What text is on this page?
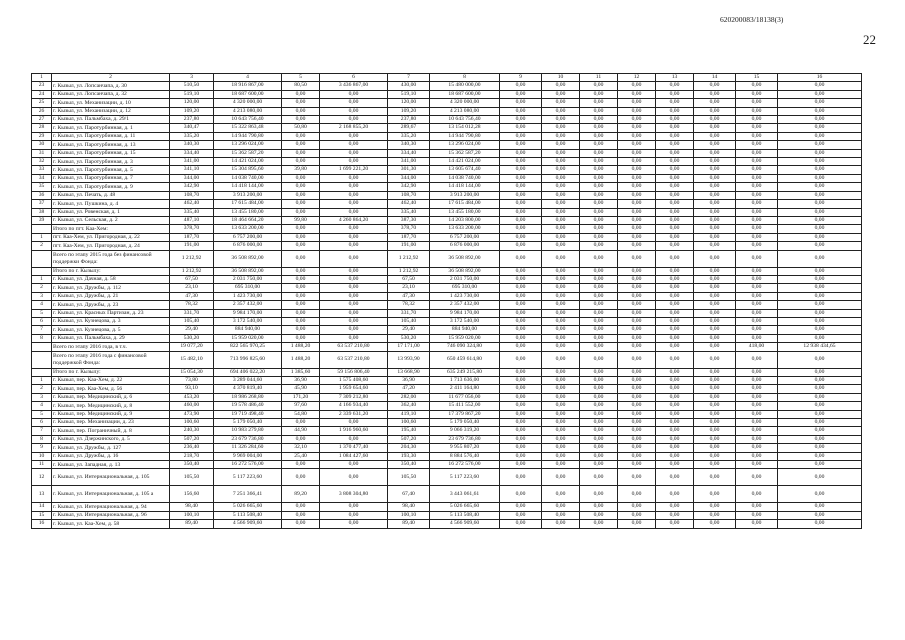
620200083/18138(3)
22
1	2	3	4	5	6	7	8	9	10	11	12	13	14	15	16
23	г. Кызыл, ул. Лопсанчапа, д. 30	510,50	18 916 867,00	80,50	3 436 867,00	430,00	15 480 000,00	0,00	0,00	0,00	0,00	0,00	0,00	0,00	0,00
24	г. Кызыл, ул. Лопсанчапа, д. 32	519,10	18 687 600,00	0,00	0,00	519,10	18 687 600,00	0,00	0,00	0,00	0,00	0,00	0,00	0,00	0,00
25	г. Кызыл, ул. Механизации, д. 10	120,00	4 320 000,00	0,00	0,00	120,00	4 320 000,00	0,00	0,00	0,00	0,00	0,00	0,00	0,00	0,00
26	г. Кызыл, ул. Механизации, д. 12	109,20	4 213 080,00	0,00	0,00	109,20	4 213 080,00	0,00	0,00	0,00	0,00	0,00	0,00	0,00	0,00
27	г. Кызыл, ул. Пальмбаха, д. 29/1	237,80	10 643 756,40	0,00	0,00	237,80	10 643 756,40	0,00	0,00	0,00	0,00	0,00	0,00	0,00	0,00
28	г. Кызыл, ул. Паротурбинная, д. 1	340,47	15 322 863,48	50,80	2 168 855,20	289,67	13 154 012,28	0,00	0,00	0,00	0,00	0,00	0,00	0,00	0,00
29	г. Кызыл, ул. Паротурбинная, д. 11	335,20	14 944 790,80	0,00	0,00	335,20	14 944 790,80	0,00	0,00	0,00	0,00	0,00	0,00	0,00	0,00
30	г. Кызыл, ул. Паротурбинная, д. 13	340,30	13 296 024,00	0,00	0,00	340,30	13 296 024,00	0,00	0,00	0,00	0,00	0,00	0,00	0,00	0,00
31	г. Кызыл, ул. Паротурбинная, д. 15	334,40	15 362 587,20	0,00	0,00	334,40	15 362 587,20	0,00	0,00	0,00	0,00	0,00	0,00	0,00	0,00
32	г. Кызыл, ул. Паротурбинная, д. 3	341,00	14 421 024,00	0,00	0,00	341,00	14 421 024,00	0,00	0,00	0,00	0,00	0,00	0,00	0,00	0,00
33	г. Кызыл, ул. Паротурбинная, д. 5	341,10	15 304 895,60	39,80	1 699 221,20	301,30	13 605 674,40	0,00	0,00	0,00	0,00	0,00	0,00	0,00	0,00
34	г. Кызыл, ул. Паротурбинная, д. 7	344,00	14 038 740,00	0,00	0,00	344,00	14 038 740,00	0,00	0,00	0,00	0,00	0,00	0,00	0,00	0,00
35	г. Кызыл, ул. Паротурбинная, д. 9	342,90	14 418 144,00	0,00	0,00	342,90	14 418 144,00	0,00	0,00	0,00	0,00	0,00	0,00	0,00	0,00
36	г. Кызыл, ул. Печать, д. 48	108,70	3 913 200,00	0,00	0,00	108,70	3 913 200,00	0,00	0,00	0,00	0,00	0,00	0,00	0,00	0,00
37	г. Кызыл, ул. Пушкина, д. 4	462,40	17 615 484,00	0,00	0,00	462,40	17 615 484,00	0,00	0,00	0,00	0,00	0,00	0,00	0,00	0,00
38	г. Кызыл, ул. Ровенская, д. 1	335,40	13 455 180,00	0,00	0,00	335,40	13 455 180,00	0,00	0,00	0,00	0,00	0,00	0,00	0,00	0,00
39	г. Кызыл, ул. Сельская, д. 2	487,10	18 464 664,20	99,80	4 260 864,20	387,30	14 203 800,00	0,00	0,00	0,00	0,00	0,00	0,00	0,00	0,00
	Итого по пгт. Каа-Хем:	378,70	13 633 200,00	0,00	0,00	378,70	13 633 200,00	0,00	0,00	0,00	0,00	0,00	0,00	0,00	0,00
1	пгт. Каа-Хем, ул. Пригородная, д. 22	187,70	6 757 200,00	0,00	0,00	187,70	6 757 200,00	0,00	0,00	0,00	0,00	0,00	0,00	0,00	0,00
2	пгт. Каа-Хем, ул. Пригородная, д. 24	191,00	6 876 000,00	0,00	0,00	191,00	6 876 000,00	0,00	0,00	0,00	0,00	0,00	0,00	0,00	0,00
	Всего по этапу 2015 года без финансовой поддержки Фонда:	1 212,92	36 508 892,00	0,00	0,00	1 212,92	36 508 892,00	0,00	0,00	0,00	0,00	0,00	0,00	0,00	0,00
	Итого по г. Кызылу:	1 212,92	36 508 892,00	0,00	0,00	1 212,92	36 508 892,00	0,00	0,00	0,00	0,00	0,00	0,00	0,00	0,00
1	г. Кызыл, ул. Дачная, д. 58	67,50	2 031 750,00	0,00	0,00	67,50	2 031 750,00	0,00	0,00	0,00	0,00	0,00	0,00	0,00	0,00
2	г. Кызыл, ул. Дружбы, д. 112	23,10	695 310,00	0,00	0,00	23,10	695 310,00	0,00	0,00	0,00	0,00	0,00	0,00	0,00	0,00
3	г. Кызыл, ул. Дружбы, д. 21	47,30	1 423 730,00	0,00	0,00	47,30	1 423 730,00	0,00	0,00	0,00	0,00	0,00	0,00	0,00	0,00
4	г. Кызыл, ул. Дружбы, д. 23	78,32	2 357 432,00	0,00	0,00	78,32	2 357 432,00	0,00	0,00	0,00	0,00	0,00	0,00	0,00	0,00
5	г. Кызыл, ул. Красных Партизан, д. 23	331,70	9 984 170,00	0,00	0,00	331,70	9 984 170,00	0,00	0,00	0,00	0,00	0,00	0,00	0,00	0,00
6	г. Кызыл, ул. Кузнецова, д. 3	105,40	3 172 540,00	0,00	0,00	105,40	3 172 540,00	0,00	0,00	0,00	0,00	0,00	0,00	0,00	0,00
7	г. Кызыл, ул. Кузнецова, д. 5	29,40	884 940,00	0,00	0,00	29,40	884 940,00	0,00	0,00	0,00	0,00	0,00	0,00	0,00	0,00
8	г. Кызыл, ул. Пальмбаха, д. 29	530,20	15 959 020,00	0,00	0,00	530,20	15 959 020,00	0,00	0,00	0,00	0,00	0,00	0,00	0,00	0,00
	Всего по этапу 2016 года, в т.ч.	19 077,20	822 565 970,25	1 488,20	63 537 210,80	17 171,00	746 090 324,80	0,00	0,00	0,00	0,00	0,00	0,00	418,00	12 938 434,65
	Всего по этапу 2016 года с финансовой поддержкой Фонда:	15 482,10	713 996 825,60	1 488,20	63 537 210,80	13 993,90	650 459 614,80	0,00	0,00	0,00	0,00	0,00	0,00	0,00	0,00
	Итого по г. Кызылу:	15 054,30	694 406 022,20	1 385,60	59 156 806,40	13 668,90	635 249 215,80	0,00	0,00	0,00	0,00	0,00	0,00	0,00	0,00
1	г. Кызыл, пер. Каа-Хем, д. 22	73,80	3 289 044,60	36,90	1 575 408,60	36,90	1 713 636,00	0,00	0,00	0,00	0,00	0,00	0,00	0,00	0,00
2	г. Кызыл, пер. Каа-Хем, д. 56	93,10	4 370 819,40	45,90	1 959 654,60	47,20	2 411 164,80	0,00	0,00	0,00	0,00	0,00	0,00	0,00	0,00
3	г. Кызыл, пер. Медицинский, д. 6	453,20	18 986 268,80	171,20	7 309 212,80	282,00	11 677 056,00	0,00	0,00	0,00	0,00	0,00	0,00	0,00	0,00
4	г. Кызыл, пер. Медицинский, д. 8	460,00	19 578 486,40	97,60	4 166 934,40	362,40	15 411 552,00	0,00	0,00	0,00	0,00	0,00	0,00	0,00	0,00
5	г. Кызыл, пер. Медицинский, д. 9	473,90	19 719 498,40	54,80	2 339 631,20	419,10	17 379 867,20	0,00	0,00	0,00	0,00	0,00	0,00	0,00	0,00
6	г. Кызыл, пер. Механизации, д. 23	100,60	5 179 050,40	0,00	0,00	100,60	5 179 050,40	0,00	0,00	0,00	0,00	0,00	0,00	0,00	0,00
7	г. Кызыл, пер. Пограничный, д. 8	240,30	10 983 279,80	44,90	1 916 960,60	195,40	9 066 319,20	0,00	0,00	0,00	0,00	0,00	0,00	0,00	0,00
8	г. Кызыл, ул. Дзержинского, д. 5	507,20	23 679 736,80	0,00	0,00	507,20	23 679 736,80	0,00	0,00	0,00	0,00	0,00	0,00	0,00	0,00
9	г. Кызыл, ул. Дружбы, д. 127	236,40	11 326 284,60	32,10	1 370 477,40	204,30	9 955 807,20	0,00	0,00	0,00	0,00	0,00	0,00	0,00	0,00
10	г. Кызыл, ул. Дружбы, д. 16	218,70	9 969 004,00	25,40	1 084 427,60	193,30	8 884 576,40	0,00	0,00	0,00	0,00	0,00	0,00	0,00	0,00
11	г. Кызыл, ул. Западная, д. 13	350,40	16 272 576,00	0,00	0,00	350,40	16 272 576,00	0,00	0,00	0,00	0,00	0,00	0,00	0,00	0,00
12	г. Кызыл, ул. Интернациональная, д. 105	105,50	5 117 223,60	0,00	0,00	105,50	5 117 223,60	0,00	0,00	0,00	0,00	0,00	0,00	0,00	0,00
13	г. Кызыл, ул. Интернациональная, д. 105 а	156,60	7 251 366,41	89,20	3 808 304,80	67,40	3 443 061,61	0,00	0,00	0,00	0,00	0,00	0,00	0,00	0,00
14	г. Кызыл, ул. Интернациональная, д. 94	98,40	5 026 665,60	0,00	0,00	98,40	5 026 665,60	0,00	0,00	0,00	0,00	0,00	0,00	0,00	0,00
15	г. Кызыл, ул. Интернациональная, д. 96	100,10	5 113 508,40	0,00	0,00	100,10	5 113 508,40	0,00	0,00	0,00	0,00	0,00	0,00	0,00	0,00
16	г. Кызыл, ул. Каа-Хем, д. 58	89,40	4 566 909,60	0,00	0,00	89,40	4 566 909,60	0,00	0,00	0,00	0,00	0,00	0,00	0,00	0,00
